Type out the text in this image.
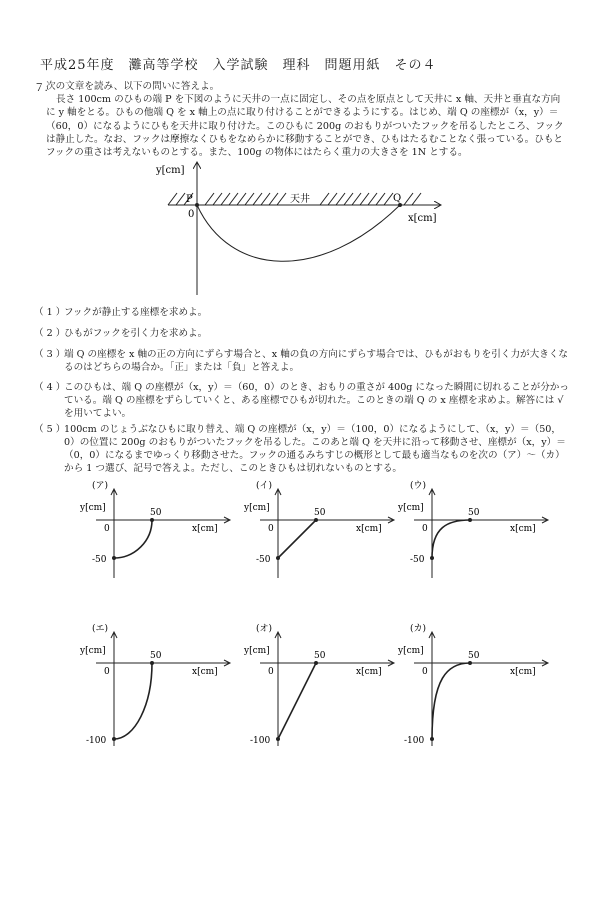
平成25年度　灘高等学校　入学試験　理科　問題用紙　その４
７.

次の文章を読み、以下の問いに答えよ。

長さ 100cm のひもの端 P を下図のように天井の一点に固定し、その点を原点として天井に x 軸、天井と垂直な方向に y 軸をとる。ひもの他端 Q を x 軸上の点に取り付けることができるようにする。はじめ、端 Q の座標が（x，y）＝（60，0）になるようにひもを天井に取り付けた。このひもに 200g のおもりがついたフックを吊るしたところ、フックは静止した。なお、フックは摩擦なくひもをなめらかに移動することができ、ひもはたるむことなく張っている。ひもとフックの重さは考えないものとする。また、100g の物体にはたらく重力の大きさを 1N とする。

y[cm]
P	Q
0
天井
x[cm]
（ 1 ）
フックが静止する座標を求めよ。
（ 2 ）
ひもがフックを引く力を求めよ。
（ 3 ）
端 Q の座標を x 軸の正の方向にずらす場合と、x 軸の負の方向にずらす場合では、ひもがおもりを引く力が大きくなるのはどちらの場合か。「正」または「負」と答えよ。
（ 4 ）
このひもは、端 Q の座標が（x，y）＝（60，0）のとき、おもりの重さが 400g になった瞬間に切れることが分かっている。端 Q の座標をずらしていくと、ある座標でひもが切れた。このときの端 Q の x 座標を求めよ。解答には √ を用いてよい。
（ 5 ）
100cm のじょうぶなひもに取り替え、端 Q の座標が（x，y）＝（100，0）になるようにして、（x，y）＝（50，0）の位置に 200g のおもりがついたフックを吊るした。このあと端 Q を天井に沿って移動させ、座標が（x，y）＝（0，0）になるまでゆっくり移動させた。フックの通るみちすじの概形として最も適当なものを次の（ア）～（カ）から 1 つ選び、記号で答えよ。ただし、このときひもは切れないものとする。
(ア)
y[cm]
0
50
-50
x[cm]
(イ)
y[cm]
0
50
-50
x[cm]
(ウ)
y[cm]
0
50
-50
x[cm]
(エ)
y[cm]
0
50
-100
x[cm]
(オ)
y[cm]
0
50
-100
x[cm]
(カ)
y[cm]
0
50
-100
x[cm]
